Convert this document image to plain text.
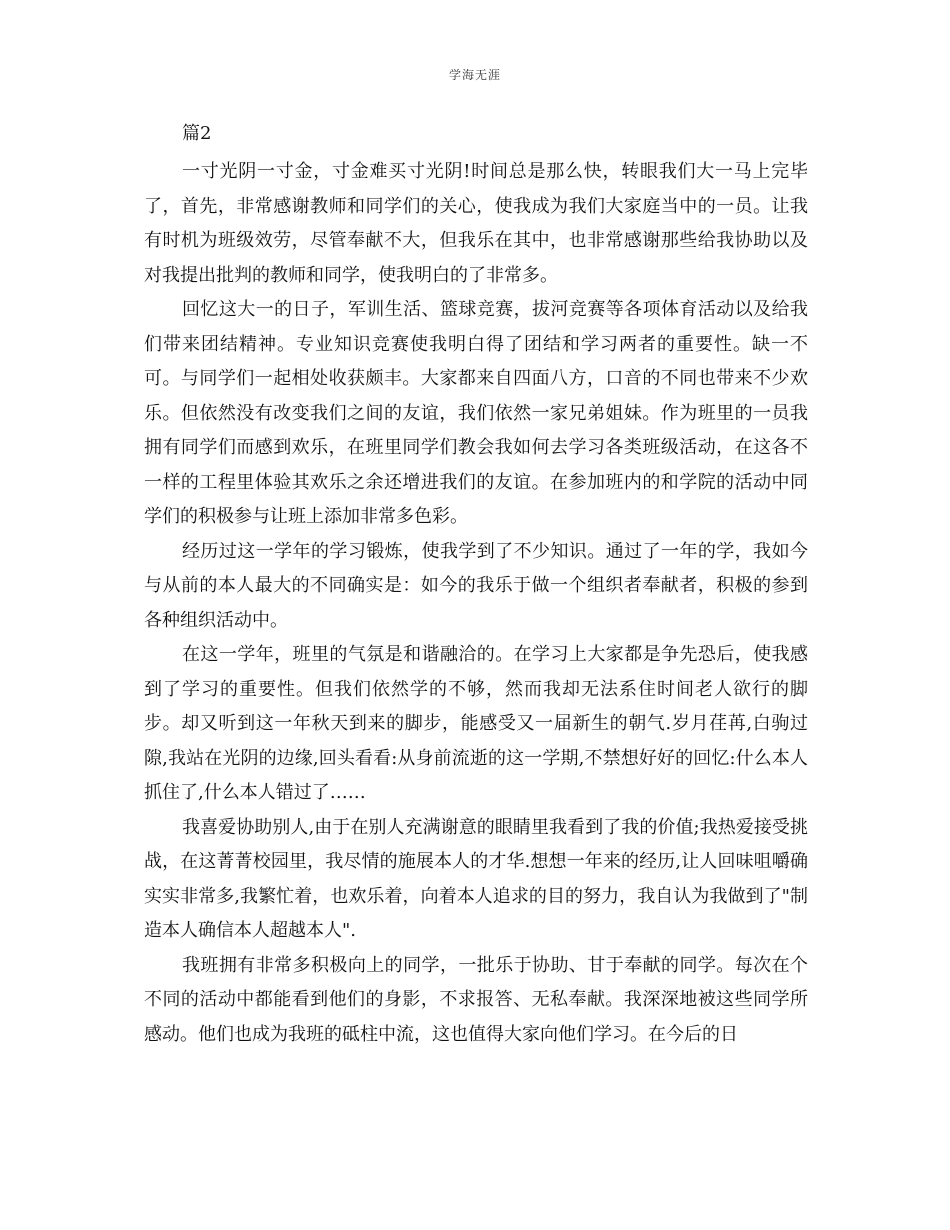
学海无涯
篇2

一寸光阴一寸金，寸金难买寸光阴!时间总是那么快，转眼我们大一马上完毕了，首先，非常感谢教师和同学们的关心，使我成为我们大家庭当中的一员。让我有时机为班级效劳，尽管奉献不大，但我乐在其中，也非常感谢那些给我协助以及对我提出批判的教师和同学，使我明白的了非常多。

回忆这大一的日子，军训生活、篮球竞赛，拔河竞赛等各项体育活动以及给我们带来团结精神。专业知识竞赛使我明白得了团结和学习两者的重要性。缺一不可。与同学们一起相处收获颇丰。大家都来自四面八方，口音的不同也带来不少欢乐。但依然没有改变我们之间的友谊，我们依然一家兄弟姐妹。作为班里的一员我拥有同学们而感到欢乐，在班里同学们教会我如何去学习各类班级活动，在这各不一样的工程里体验其欢乐之余还增进我们的友谊。在参加班内的和学院的活动中同学们的积极参与让班上添加非常多色彩。

经历过这一学年的学习锻炼，使我学到了不少知识。通过了一年的学，我如今与从前的本人最大的不同确实是：如今的我乐于做一个组织者奉献者，积极的参到各种组织活动中。

在这一学年，班里的气氛是和谐融洽的。在学习上大家都是争先恐后，使我感到了学习的重要性。但我们依然学的不够，然而我却无法系住时间老人欲行的脚步。却又听到这一年秋天到来的脚步，能感受又一届新生的朝气.岁月荏苒,白驹过隙,我站在光阴的边缘,回头看看:从身前流逝的这一学期,不禁想好好的回忆:什么本人抓住了,什么本人错过了……

我喜爱协助别人,由于在别人充满谢意的眼睛里我看到了我的价值;我热爱接受挑战，在这菁菁校园里，我尽情的施展本人的才华.想想一年来的经历,让人回味咀嚼确实实非常多,我繁忙着，也欢乐着，向着本人追求的目的努力，我自认为我做到了"制造本人确信本人超越本人".

我班拥有非常多积极向上的同学，一批乐于协助、甘于奉献的同学。每次在个不同的活动中都能看到他们的身影，不求报答、无私奉献。我深深地被这些同学所感动。他们也成为我班的砥柱中流，这也值得大家向他们学习。在今后的日
